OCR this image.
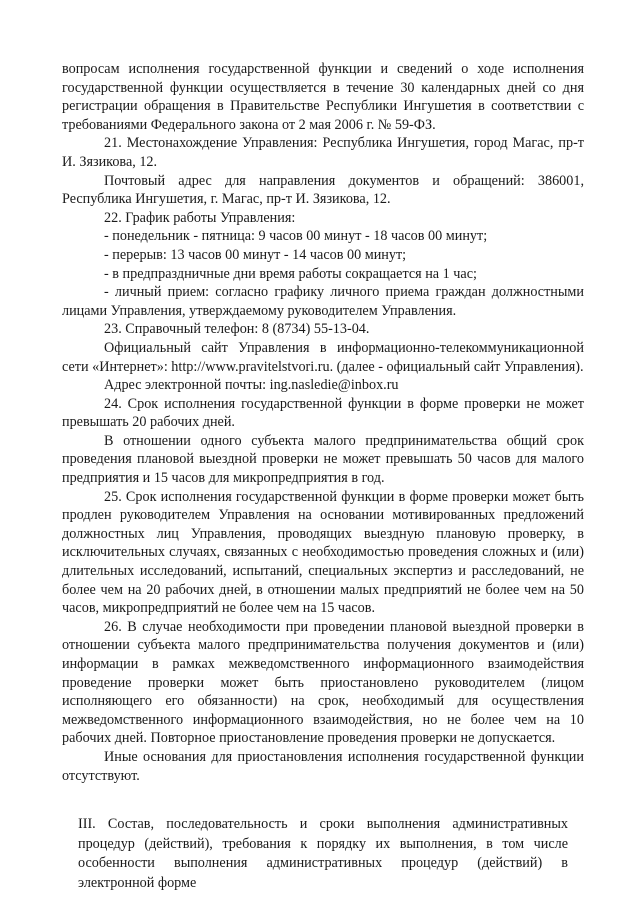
вопросам исполнения государственной функции и сведений о ходе исполнения государственной функции осуществляется в течение 30 календарных дней со дня регистрации обращения в Правительстве Республики Ингушетия в соответствии с требованиями Федерального закона от 2 мая 2006 г. № 59-ФЗ.

21. Местонахождение Управления: Республика Ингушетия, город Магас, пр-т И. Зязикова, 12.

Почтовый адрес для направления документов и обращений: 386001, Республика Ингушетия, г. Магас, пр-т И. Зязикова, 12.

22. График работы Управления:

- понедельник - пятница: 9 часов 00 минут - 18 часов 00 минут;

- перерыв: 13 часов 00 минут - 14 часов 00 минут;

- в предпраздничные дни время работы сокращается на 1 час;

- личный прием: согласно графику личного приема граждан должностными лицами Управления, утверждаемому руководителем Управления.

23. Справочный телефон: 8 (8734) 55-13-04.

Официальный сайт Управления в информационно-телекоммуникационной сети «Интернет»: http://www.pravitelstvori.ru. (далее - официальный сайт Управления).

Адрес электронной почты: ing.nasledie@inbox.ru

24. Срок исполнения государственной функции в форме проверки не может превышать 20 рабочих дней.

В отношении одного субъекта малого предпринимательства общий срок проведения плановой выездной проверки не может превышать 50 часов для малого предприятия и 15 часов для микропредприятия в год.

25. Срок исполнения государственной функции в форме проверки может быть продлен руководителем Управления на основании мотивированных предложений должностных лиц Управления, проводящих выездную плановую проверку, в исключительных случаях, связанных с необходимостью проведения сложных и (или) длительных исследований, испытаний, специальных экспертиз и расследований, не более чем на 20 рабочих дней, в отношении малых предприятий не более чем на 50 часов, микропредприятий не более чем на 15 часов.

26. В случае необходимости при проведении плановой выездной проверки в отношении субъекта малого предпринимательства получения документов и (или) информации в рамках межведомственного информационного взаимодействия проведение проверки может быть приостановлено руководителем (лицом исполняющего его обязанности) на срок, необходимый для осуществления межведомственного информационного взаимодействия, но не более чем на 10 рабочих дней. Повторное приостановление проведения проверки не допускается.

Иные основания для приостановления исполнения государственной функции отсутствуют.

III. Состав, последовательность и сроки выполнения административных процедур (действий), требования к порядку их выполнения, в том числе особенности выполнения административных процедур (действий) в электронной форме
